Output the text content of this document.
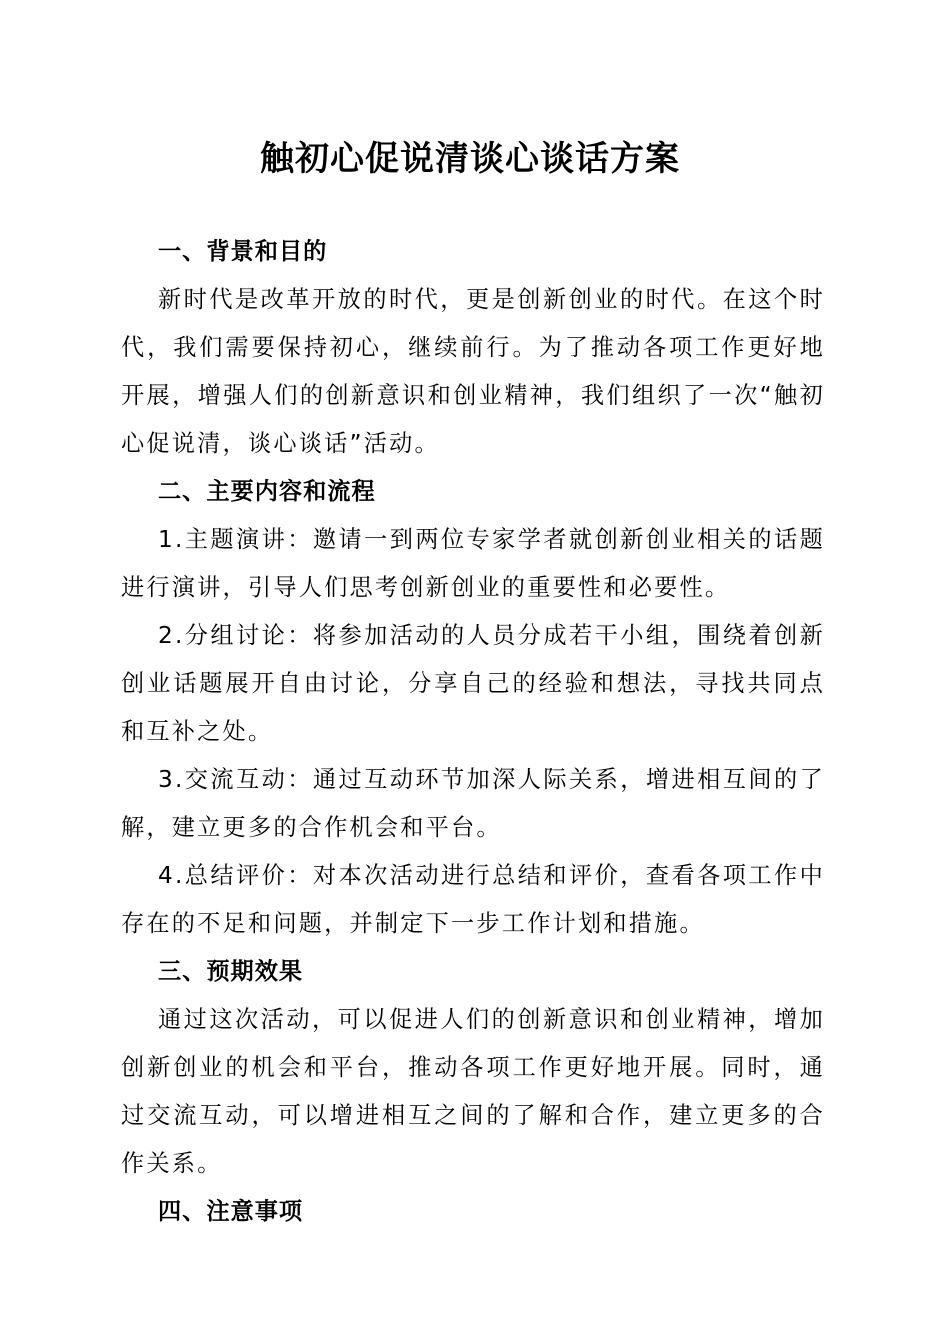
触初心促说清谈心谈话方案

一、背景和目的

新时代是改革开放的时代，更是创新创业的时代。在这个时代，我们需要保持初心，继续前行。为了推动各项工作更好地开展，增强人们的创新意识和创业精神，我们组织了一次“触初心促说清，谈心谈话”活动。

二、主要内容和流程

1.主题演讲：邀请一到两位专家学者就创新创业相关的话题进行演讲，引导人们思考创新创业的重要性和必要性。

2.分组讨论：将参加活动的人员分成若干小组，围绕着创新创业话题展开自由讨论，分享自己的经验和想法，寻找共同点和互补之处。

3.交流互动：通过互动环节加深人际关系，增进相互间的了解，建立更多的合作机会和平台。

4.总结评价：对本次活动进行总结和评价，查看各项工作中存在的不足和问题，并制定下一步工作计划和措施。

三、预期效果

通过这次活动，可以促进人们的创新意识和创业精神，增加创新创业的机会和平台，推动各项工作更好地开展。同时，通过交流互动，可以增进相互之间的了解和合作，建立更多的合作关系。

四、注意事项
